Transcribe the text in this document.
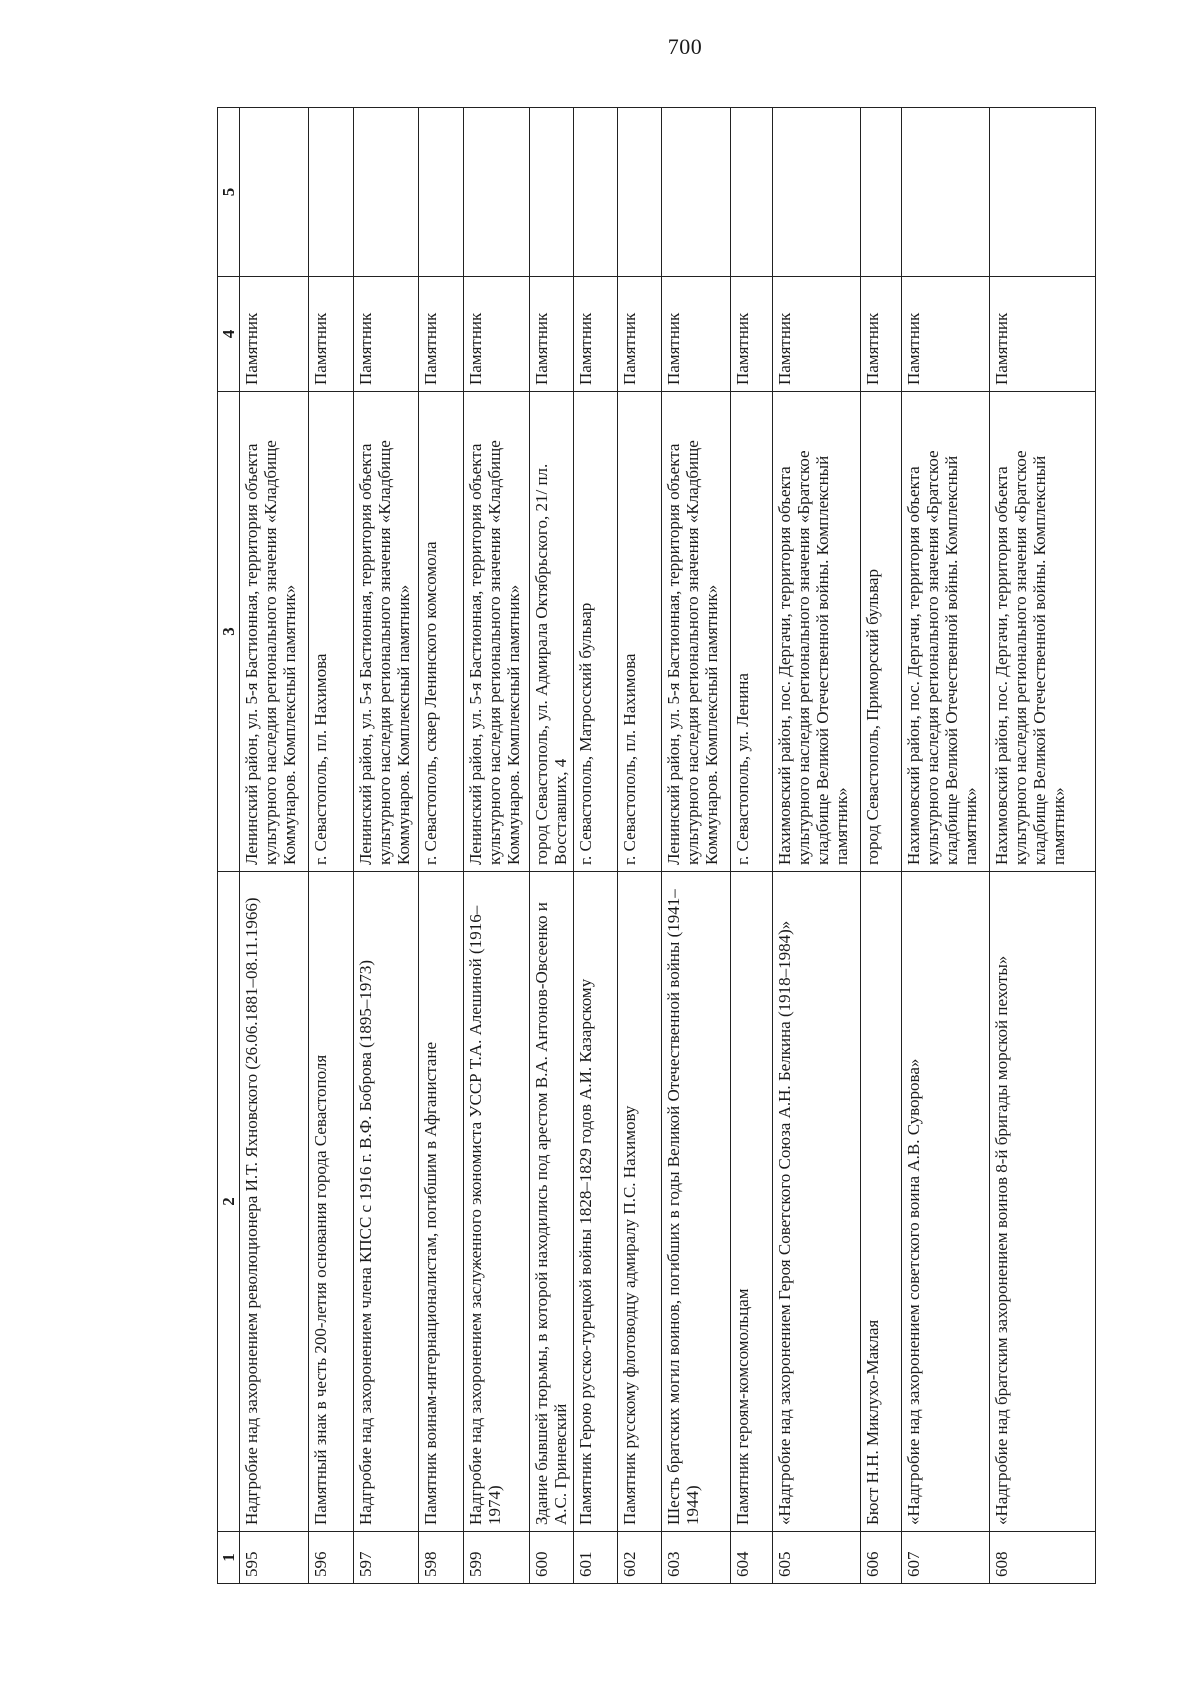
700
1	2	3	4	5
595	Надгробие над захоронением революционера И.Т. Яхновского (26.06.1881–08.11.1966)	Ленинский район, ул. 5-я Бастионная, территория объекта культурного наследия регионального значения «Кладбище Коммунаров. Комплексный памятник»	Памятник	
596	Памятный знак в честь 200-летия основания города Севастополя	г. Севастополь, пл. Нахимова	Памятник	
597	Надгробие над захоронением члена КПСС с 1916 г. В.Ф. Боброва (1895–1973)	Ленинский район, ул. 5-я Бастионная, территория объекта культурного наследия регионального значения «Кладбище Коммунаров. Комплексный памятник»	Памятник	
598	Памятник воинам-интернационалистам, погибшим в Афганистане	г. Севастополь, сквер Ленинского комсомола	Памятник	
599	Надгробие над захоронением заслуженного экономиста УССР Т.А. Алешиной (1916–1974)	Ленинский район, ул. 5-я Бастионная, территория объекта культурного наследия регионального значения «Кладбище Коммунаров. Комплексный памятник»	Памятник	
600	Здание бывшей тюрьмы, в которой находились под арестом В.А. Антонов-Овсеенко и А.С. Гриневский	город Севастополь, ул. Адмирала Октябрьского, 21/ пл. Восставших, 4	Памятник	
601	Памятник Герою русско-турецкой войны 1828–1829 годов А.И. Казарскому	г. Севастополь, Матросский бульвар	Памятник	
602	Памятник русскому флотоводцу адмиралу П.С. Нахимову	г. Севастополь, пл. Нахимова	Памятник	
603	Шесть братских могил воинов, погибших в годы Великой Отечественной войны (1941–1944)	Ленинский район, ул. 5-я Бастионная, территория объекта культурного наследия регионального значения «Кладбище Коммунаров. Комплексный памятник»	Памятник	
604	Памятник героям-комсомольцам	г. Севастополь, ул. Ленина	Памятник	
605	«Надгробие над захоронением Героя Советского Союза А.Н. Белкина (1918–1984)»	Нахимовский район, пос. Дергачи, территория объекта культурного наследия регионального значения «Братское кладбище Великой Отечественной войны. Комплексный памятник»	Памятник	
606	Бюст Н.Н. Миклухо-Маклая	город Севастополь, Приморский бульвар	Памятник	
607	«Надгробие над захоронением советского воина А.В. Суворова»	Нахимовский район, пос. Дергачи, территория объекта культурного наследия регионального значения «Братское кладбище Великой Отечественной войны. Комплексный памятник»	Памятник	
608	«Надгробие над братским захоронением воинов 8-й бригады морской пехоты»	Нахимовский район, пос. Дергачи, территория объекта культурного наследия регионального значения «Братское кладбище Великой Отечественной войны. Комплексный памятник»	Памятник	
